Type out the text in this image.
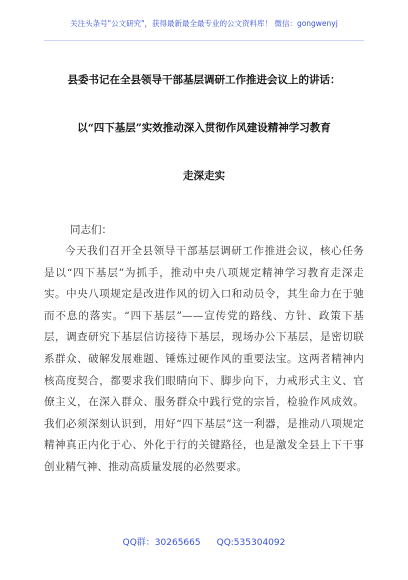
关注头条号"公文研究"，获得最新最全最专业的公文资料库！ 微信：gongwenyj
县委书记在全县领导干部基层调研工作推进会议上的讲话：
以“四下基层”实效推动深入贯彻作风建设精神学习教育
走深走实
同志们：

今天我们召开全县领导干部基层调研工作推进会议，核心任务是以“四下基层”为抓手，推动中央八项规定精神学习教育走深走实。中央八项规定是改进作风的切入口和动员令，其生命力在于驰而不息的落实。“四下基层”——宣传党的路线、方针、政策下基层，调查研究下基层信访接待下基层，现场办公下基层，是密切联系群众、破解发展难题、锤炼过硬作风的重要法宝。这两者精神内核高度契合，都要求我们眼睛向下、脚步向下，力戒形式主义、官僚主义，在深入群众、服务群众中践行党的宗旨，检验作风成效。我们必须深刻认识到，用好“四下基层”这一利器，是推动八项规定精神真正内化于心、外化于行的关键路径，也是激发全县上下干事创业精气神、推动高质量发展的必然要求。

QQ群：30265665 QQ:535304092
